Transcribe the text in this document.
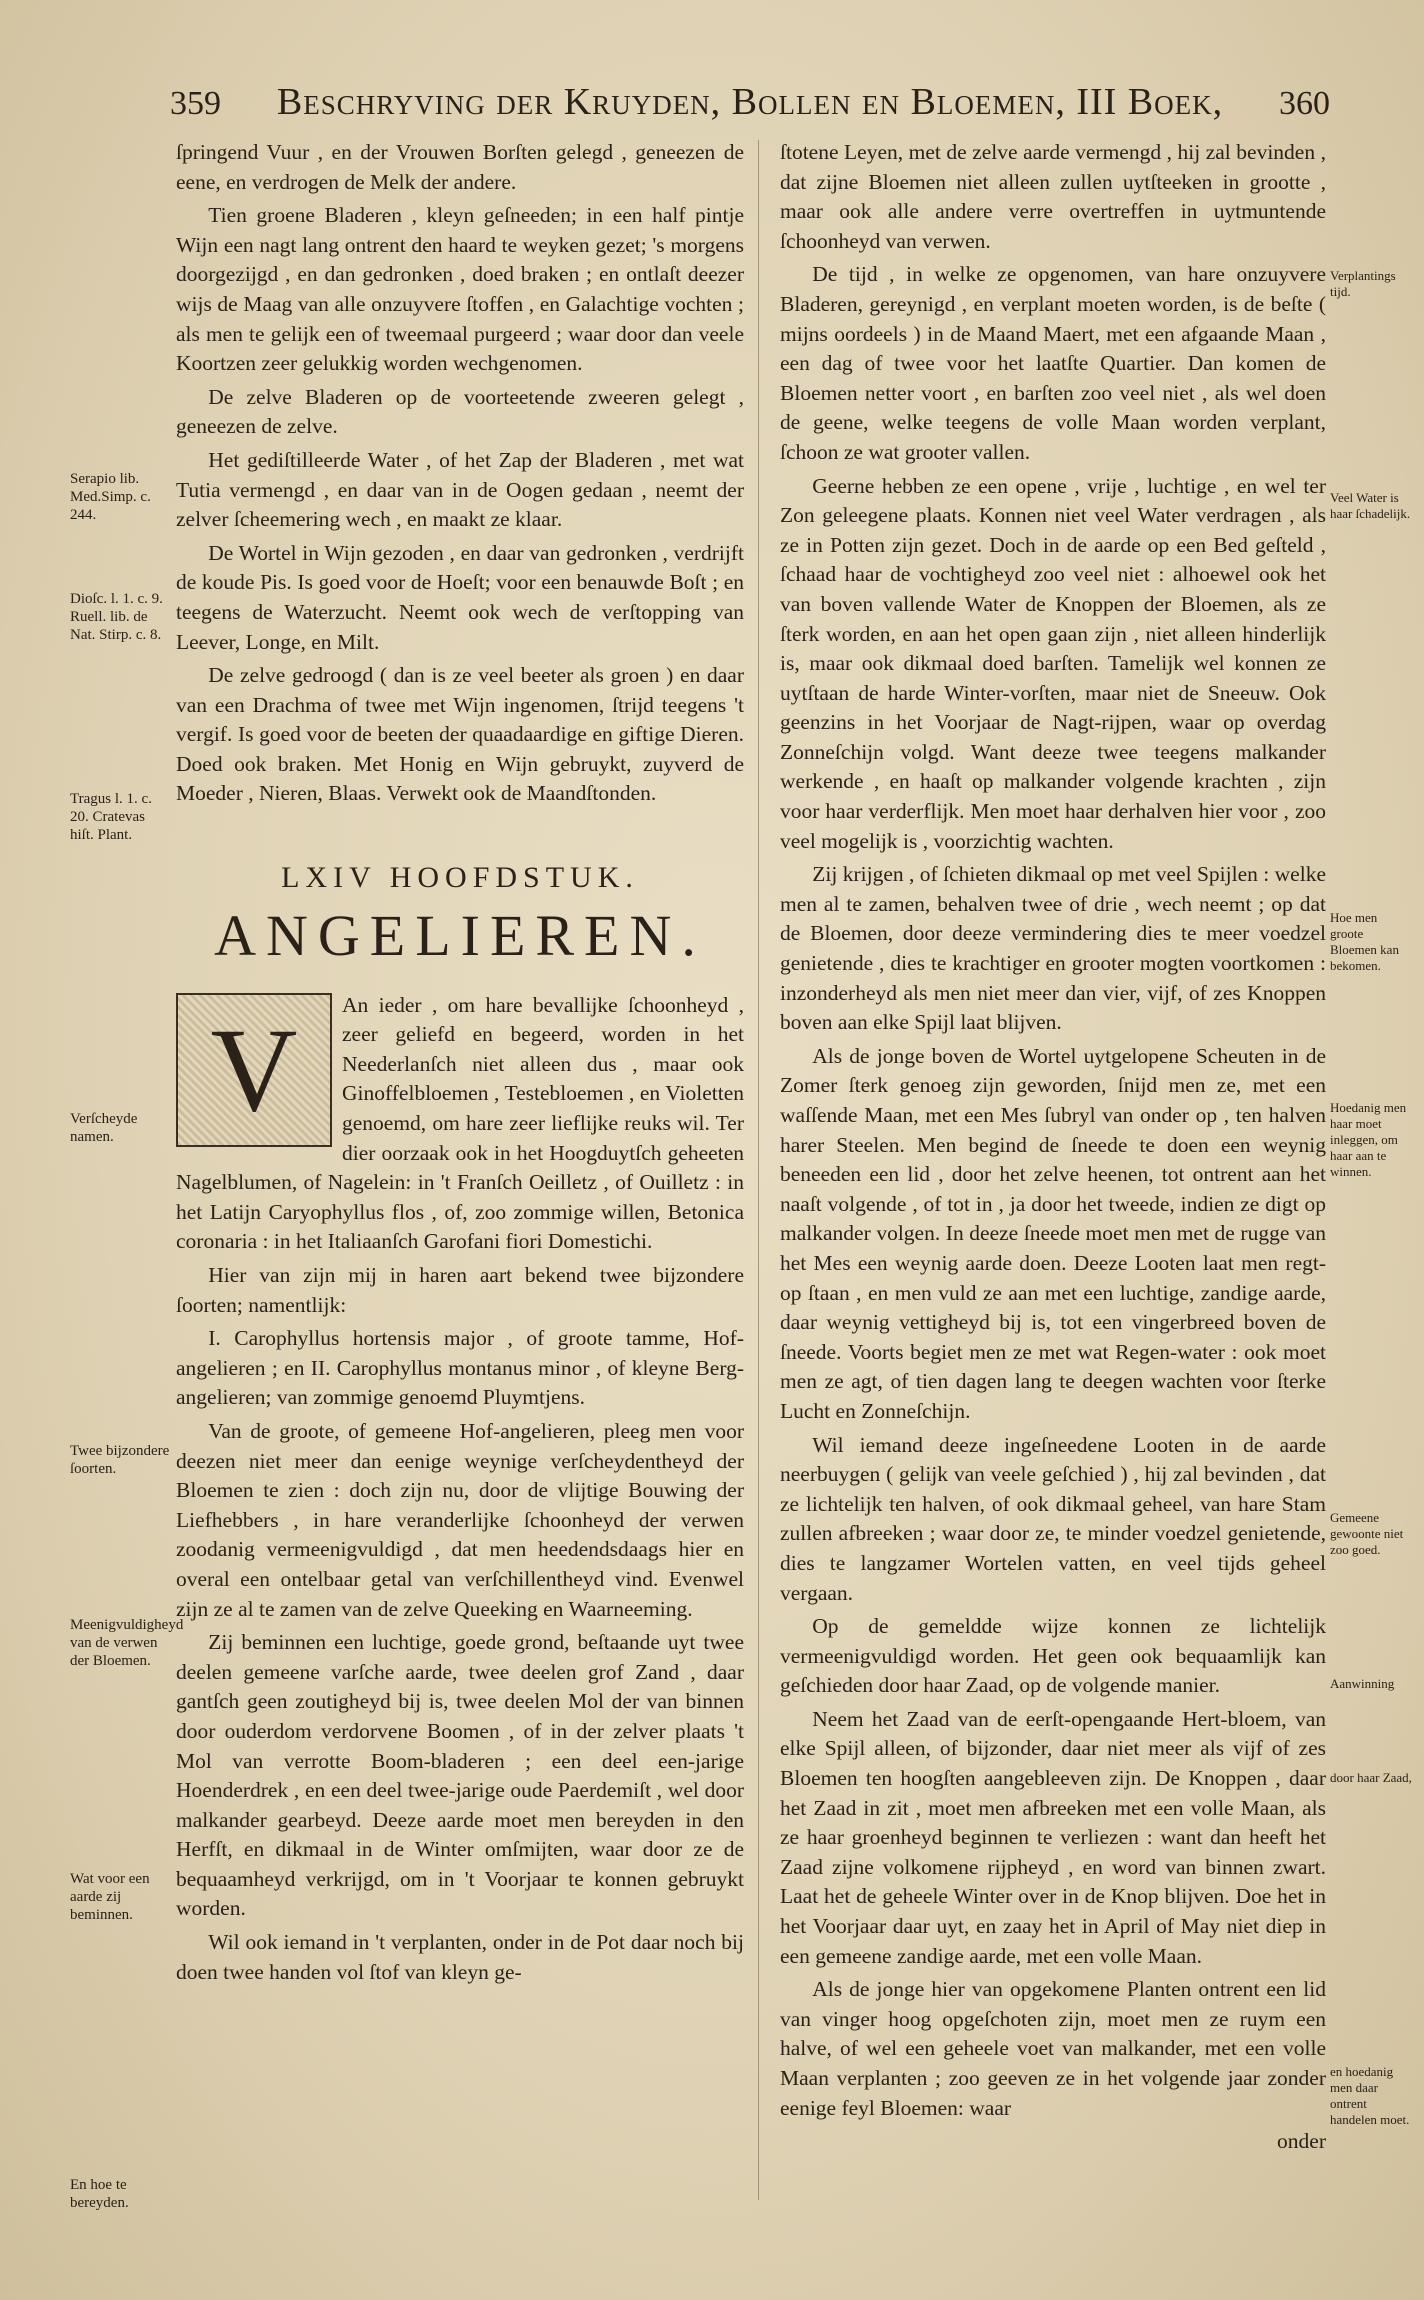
359 Beschryving der Kruyden, Bollen en Bloemen, III Boek, 360

ſpringend Vuur , en der Vrouwen Borſten gelegd , geneezen de eene, en verdrogen de Melk der andere.

Tien groene Bladeren , kleyn geſneeden; in een half pintje Wijn een nagt lang ontrent den haard te weyken gezet; 's morgens doorgezijgd , en dan gedronken , doed braken ; en ontlaſt deezer wijs de Maag van alle onzuyvere ſtoffen , en Galachtige vochten ; als men te gelijk een of tweemaal purgeerd ; waar door dan veele Koortzen zeer gelukkig worden wechgenomen.

De zelve Bladeren op de voorteetende zweeren gelegt , geneezen de zelve.

Het gediſtilleerde Water , of het Zap der Bladeren , met wat Tutia vermengd , en daar van in de Oogen gedaan , neemt der zelver ſcheemering wech , en maakt ze klaar.

De Wortel in Wijn gezoden , en daar van gedronken , verdrijft de koude Pis. Is goed voor de Hoeſt; voor een benauwde Boſt ; en teegens de Waterzucht. Neemt ook wech de verſtopping van Leever, Longe, en Milt.

De zelve gedroogd ( dan is ze veel beeter als groen ) en daar van een Drachma of twee met Wijn ingenomen, ſtrijd teegens 't vergif. Is goed voor de beeten der quaadaardige en giftige Dieren. Doed ook braken. Met Honig en Wijn gebruykt, zuyverd de Moeder , Nieren, Blaas. Verwekt ook de Maandſtonden.

LXIV HOOFDSTUK.
ANGELIEREN.

V	An ieder , om hare bevallijke ſchoonheyd , zeer geliefd en begeerd, worden in het Neederlanſch niet alleen dus , maar ook Ginoffelbloemen , Testebloemen , en Violetten genoemd, om hare zeer lieflijke reuks wil. Ter dier oorzaak ook in het Hoogduytſch geheeten Nagelblumen, of Nagelein: in 't Franſch Oeilletz , of Ouilletz : in het Latijn Caryophyllus flos , of, zoo zommige willen, Betonica coronaria : in het Italiaanſch Garofani fiori Domestichi.

Hier van zijn mij in haren aart bekend twee bijzondere ſoorten; namentlijk:

I. Carophyllus hortensis major , of groote tamme, Hof-angelieren ; en II. Carophyllus montanus minor , of kleyne Berg-angelieren; van zommige genoemd Pluymtjens.

Van de groote, of gemeene Hof-angelieren, pleeg men voor deezen niet meer dan eenige weynige verſcheydentheyd der Bloemen te zien : doch zijn nu, door de vlijtige Bouwing der Liefhebbers , in hare veranderlijke ſchoonheyd der verwen zoodanig vermeenigvuldigd , dat men heedendsdaags hier en overal een ontelbaar getal van verſchillentheyd vind. Evenwel zijn ze al te zamen van de zelve Queeking en Waarneeming.

Zij beminnen een luchtige, goede grond, beſtaande uyt twee deelen gemeene varſche aarde, twee deelen grof Zand , daar gantſch geen zoutigheyd bij is, twee deelen Mol der van binnen door ouderdom verdorvene Boomen , of in der zelver plaats 't Mol van verrotte Boom-bladeren ; een deel een-jarige Hoenderdrek , en een deel twee-jarige oude Paerdemiſt , wel door malkander gearbeyd. Deeze aarde moet men bereyden in den Herfſt, en dikmaal in de Winter omſmijten, waar door ze de bequaamheyd verkrijgd, om in 't Voorjaar te konnen gebruykt worden.

Wil ook iemand in 't verplanten, onder in de Pot daar noch bij doen twee handen vol ſtof van kleyn ge-

Serapio lib. Med.Simp. c. 244.
Dioſc. l. 1. c. 9. Ruell. lib. de Nat. Stirp. c. 8.
Tragus l. 1. c. 20. Cratevas hiſt. Plant.
Verſcheyde namen.
Twee bijzondere ſoorten.
Meenigvuldigheyd van de verwen der Bloemen.
Wat voor een aarde zij beminnen.
En hoe te bereyden.

ſtotene Leyen, met de zelve aarde vermengd , hij zal bevinden , dat zijne Bloemen niet alleen zullen uytſteeken in grootte , maar ook alle andere verre overtreffen in uytmuntende ſchoonheyd van verwen.

De tijd , in welke ze opgenomen, van hare onzuyvere Bladeren, gereynigd , en verplant moeten worden, is de beſte ( mijns oordeels ) in de Maand Maert, met een afgaande Maan , een dag of twee voor het laatſte Quartier. Dan komen de Bloemen netter voort , en barſten zoo veel niet , als wel doen de geene, welke teegens de volle Maan worden verplant, ſchoon ze wat grooter vallen.

Geerne hebben ze een opene , vrije , luchtige , en wel ter Zon geleegene plaats. Konnen niet veel Water verdragen , als ze in Potten zijn gezet. Doch in de aarde op een Bed geſteld , ſchaad haar de vochtigheyd zoo veel niet : alhoewel ook het van boven vallende Water de Knoppen der Bloemen, als ze ſterk worden, en aan het open gaan zijn , niet alleen hinderlijk is, maar ook dikmaal doed barſten. Tamelijk wel konnen ze uytſtaan de harde Winter-vorſten, maar niet de Sneeuw. Ook geenzins in het Voorjaar de Nagt-rijpen, waar op overdag Zonneſchijn volgd. Want deeze twee teegens malkander werkende , en haaſt op malkander volgende krachten , zijn voor haar verderflijk. Men moet haar derhalven hier voor , zoo veel mogelijk is , voorzichtig wachten.

Zij krijgen , of ſchieten dikmaal op met veel Spijlen : welke men al te zamen, behalven twee of drie , wech neemt ; op dat de Bloemen, door deeze vermindering dies te meer voedzel genietende , dies te krachtiger en grooter mogten voortkomen : inzonderheyd als men niet meer dan vier, vijf, of zes Knoppen boven aan elke Spijl laat blijven.

Als de jonge boven de Wortel uytgelopene Scheuten in de Zomer ſterk genoeg zijn geworden, ſnijd men ze, met een waſſende Maan, met een Mes ſubryl van onder op , ten halven harer Steelen. Men begind de ſneede te doen een weynig beneeden een lid , door het zelve heenen, tot ontrent aan het naaſt volgende , of tot in , ja door het tweede, indien ze digt op malkander volgen. In deeze ſneede moet men met de rugge van het Mes een weynig aarde doen. Deeze Looten laat men regt-op ſtaan , en men vuld ze aan met een luchtige, zandige aarde, daar weynig vettigheyd bij is, tot een vingerbreed boven de ſneede. Voorts begiet men ze met wat Regen-water : ook moet men ze agt, of tien dagen lang te deegen wachten voor ſterke Lucht en Zonneſchijn.

Wil iemand deeze ingeſneedene Looten in de aarde neerbuygen ( gelijk van veele geſchied ) , hij zal bevinden , dat ze lichtelijk ten halven, of ook dikmaal geheel, van hare Stam zullen afbreeken ; waar door ze, te minder voedzel genietende, dies te langzamer Wortelen vatten, en veel tijds geheel vergaan.

Op de gemeldde wijze konnen ze lichtelijk vermeenigvuldigd worden. Het geen ook bequaamlijk kan geſchieden door haar Zaad, op de volgende manier.

Neem het Zaad van de eerſt-opengaande Hert-bloem, van elke Spijl alleen, of bijzonder, daar niet meer als vijf of zes Bloemen ten hoogſten aangebleeven zijn. De Knoppen , daar het Zaad in zit , moet men afbreeken met een volle Maan, als ze haar groenheyd beginnen te verliezen : want dan heeft het Zaad zijne volkomene rijpheyd , en word van binnen zwart. Laat het de geheele Winter over in de Knop blijven. Doe het in het Voorjaar daar uyt, en zaay het in April of May niet diep in een gemeene zandige aarde, met een volle Maan.

Als de jonge hier van opgekomene Planten ontrent een lid van vinger hoog opgeſchoten zijn, moet men ze ruym een halve, of wel een geheele voet van malkander, met een volle Maan verplanten ; zoo geeven ze in het volgende jaar zonder eenige feyl Bloemen: waar

onder

Verplantings tijd.
Veel Water is haar ſchadelijk.
Hoe men groote Bloemen kan bekomen.
Hoedanig men haar moet inleggen, om haar aan te winnen.
Gemeene gewoonte niet zoo goed.
Aanwinning
door haar Zaad,
en hoedanig men daar ontrent handelen moet.
